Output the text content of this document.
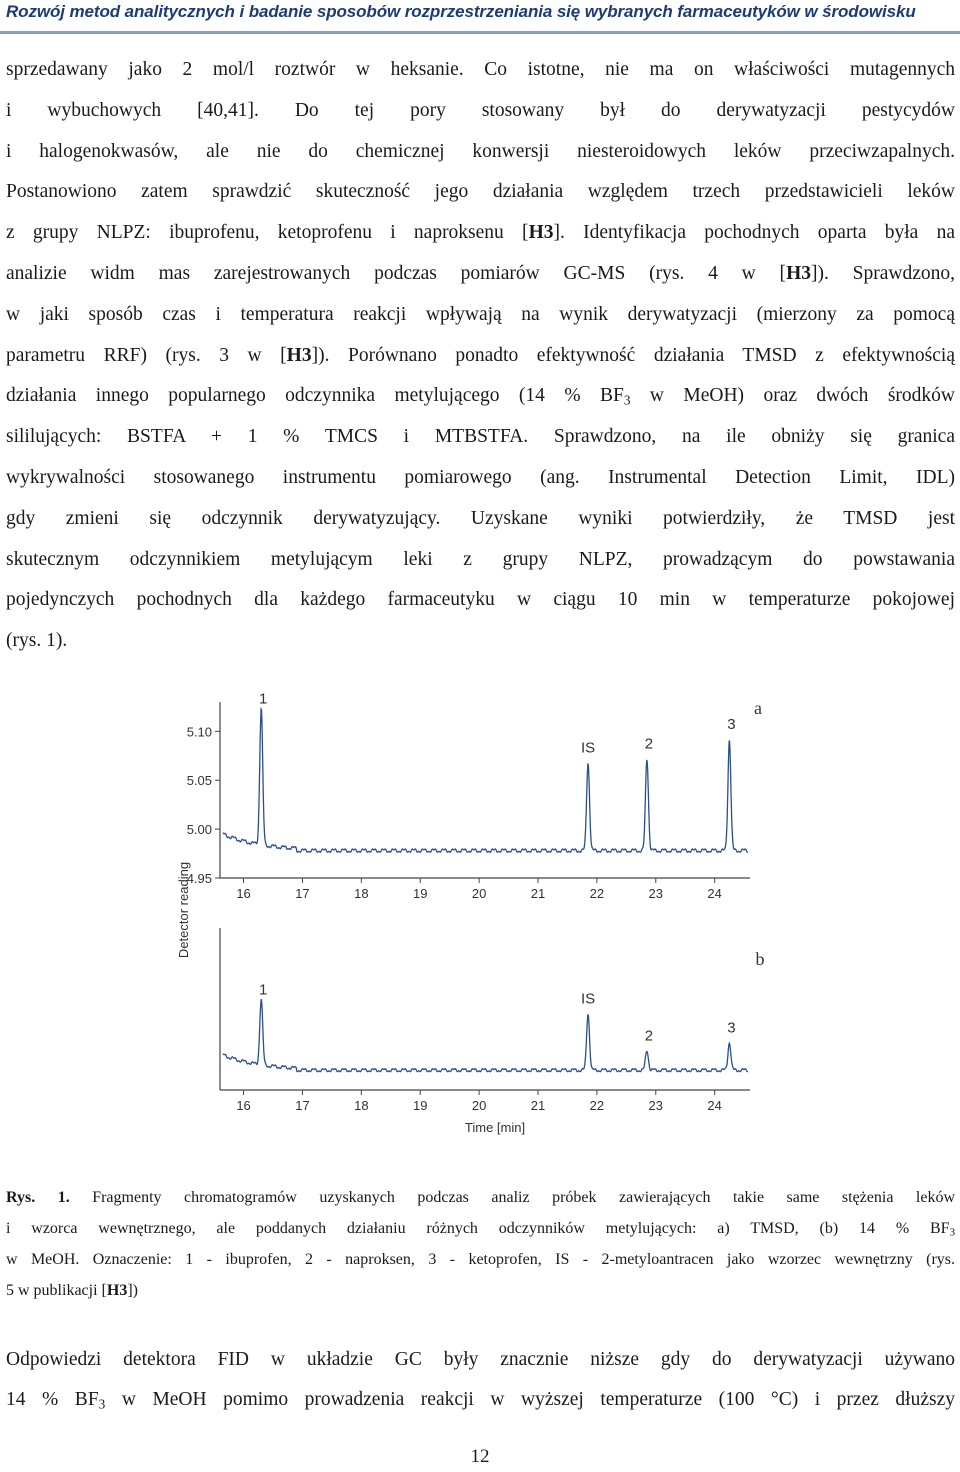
Rozwój metod analitycznych i badanie sposobów rozprzestrzeniania się wybranych farmaceutyków w środowisku
sprzedawany jako 2 mol/l roztwór w heksanie. Co istotne, nie ma on właściwości mutagennych
i wybuchowych [40,41]. Do tej pory stosowany był do derywatyzacji pestycydów
i halogenokwasów, ale nie do chemicznej konwersji niesteroidowych leków przeciwzapalnych.
Postanowiono zatem sprawdzić skuteczność jego działania względem trzech przedstawicieli leków
z grupy NLPZ: ibuprofenu, ketoprofenu i naproksenu [H3]. Identyfikacja pochodnych oparta była na
analizie widm mas zarejestrowanych podczas pomiarów GC-MS (rys. 4 w [H3]). Sprawdzono,
w jaki sposób czas i temperatura reakcji wpływają na wynik derywatyzacji (mierzony za pomocą
parametru RRF) (rys. 3 w [H3]). Porównano ponadto efektywność działania TMSD z efektywnością
działania innego popularnego odczynnika metylującego (14 % $BF_3$ w MeOH) oraz dwóch środków
sililujących: BSTFA + 1 % TMCS i MTBSTFA. Sprawdzono, na ile obniży się granica
wykrywalności stosowanego instrumentu pomiarowego (ang. Instrumental Detection Limit, IDL)
gdy zmieni się odczynnik derywatyzujący. Uzyskane wyniki potwierdziły, że TMSD jest
skutecznym odczynnikiem metylującym leki z grupy NLPZ, prowadzącym do powstawania
pojedynczych pochodnych dla każdego farmaceutyku w ciągu 10 min w temperaturze pokojowej
(rys. 1).
5.10
5.05
5.00
4.95
16	17	18	19	20	21	22	23	24
1
IS	2
3
a
16	17	18	19	20	21	22	23	24
1
IS
2	3
b
Detector reading
Time [min]
Rys. 1. Fragmenty chromatogramów uzyskanych podczas analiz próbek zawierających takie same stężenia leków
i wzorca wewnętrznego, ale poddanych działaniu różnych odczynników metylujących: a) TMSD, (b) 14 % $BF_3$
w MeOH. Oznaczenie: 1 - ibuprofen, 2 - naproksen, 3 - ketoprofen, IS - 2-metyloantracen jako wzorzec wewnętrzny (rys.
5 w publikacji [H3])
Odpowiedzi detektora FID w układzie GC były znacznie niższe gdy do derywatyzacji używano
14 % $BF_3$ w MeOH pomimo prowadzenia reakcji w wyższej temperaturze (100 °C) i przez dłuższy
12
